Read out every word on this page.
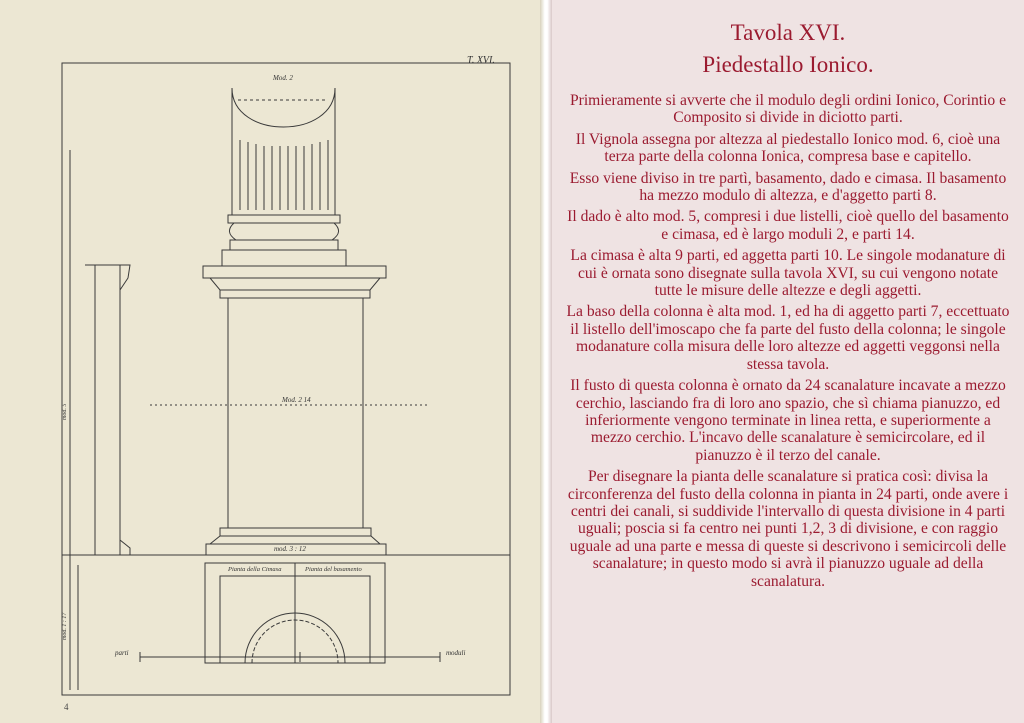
T. XVI.
4
Mod. 2
Mod. 2 14
mod. 3 : 12
Pianta della Cimasa	Pianta del basamento
parti	moduli
mod. 5
mod. 1 : 17
Tavola XVI.
Piedestallo Ionico.

Primieramente si avverte che il modulo degli ordini Ionico, Corintio e Composito si divide in diciotto parti.

Il Vignola assegna por altezza al piedestallo Ionico mod. 6, cioè una terza parte della colonna Ionica, compresa base e capitello.

Esso viene diviso in tre partì, basamento, dado e cimasa. Il basamento ha mezzo modulo di altezza, e d'aggetto parti 8.

Il dado è alto mod. 5, compresi i due listelli, cioè quello del basamento e cimasa, ed è largo moduli 2, e parti 14.

La cimasa è alta 9 parti, ed aggetta parti 10. Le singole modanature di cui è ornata sono disegnate sulla tavola XVI, su cui vengono notate tutte le misure delle altezze e degli aggetti.

La baso della colonna è alta mod. 1, ed ha di aggetto parti 7, eccettuato il listello dell'imoscapo che fa parte del fusto della colonna; le singole modanature colla misura delle loro altezze ed aggetti veggonsi nella stessa tavola.

Il fusto di questa colonna è ornato da 24 scanalature incavate a mezzo cerchio, lasciando fra di loro ano spazio, che sì chiama pianuzzo, ed inferiormente vengono terminate in linea retta, e superiormente a mezzo cerchio. L'incavo delle scanalature è semicircolare, ed il pianuzzo è il terzo del canale.

Per disegnare la pianta delle scanalature si pratica così: divisa la circonferenza del fusto della colonna in pianta in 24 parti, onde avere i centri dei canali, si suddivide l'intervallo di questa divisione in 4 parti uguali; poscia si fa centro nei punti 1,2, 3 di divisione, e con raggio uguale ad una parte e messa di queste si descrivono i semicircoli delle scanalature; in questo modo si avrà il pianuzzo uguale ad della scanalatura.
